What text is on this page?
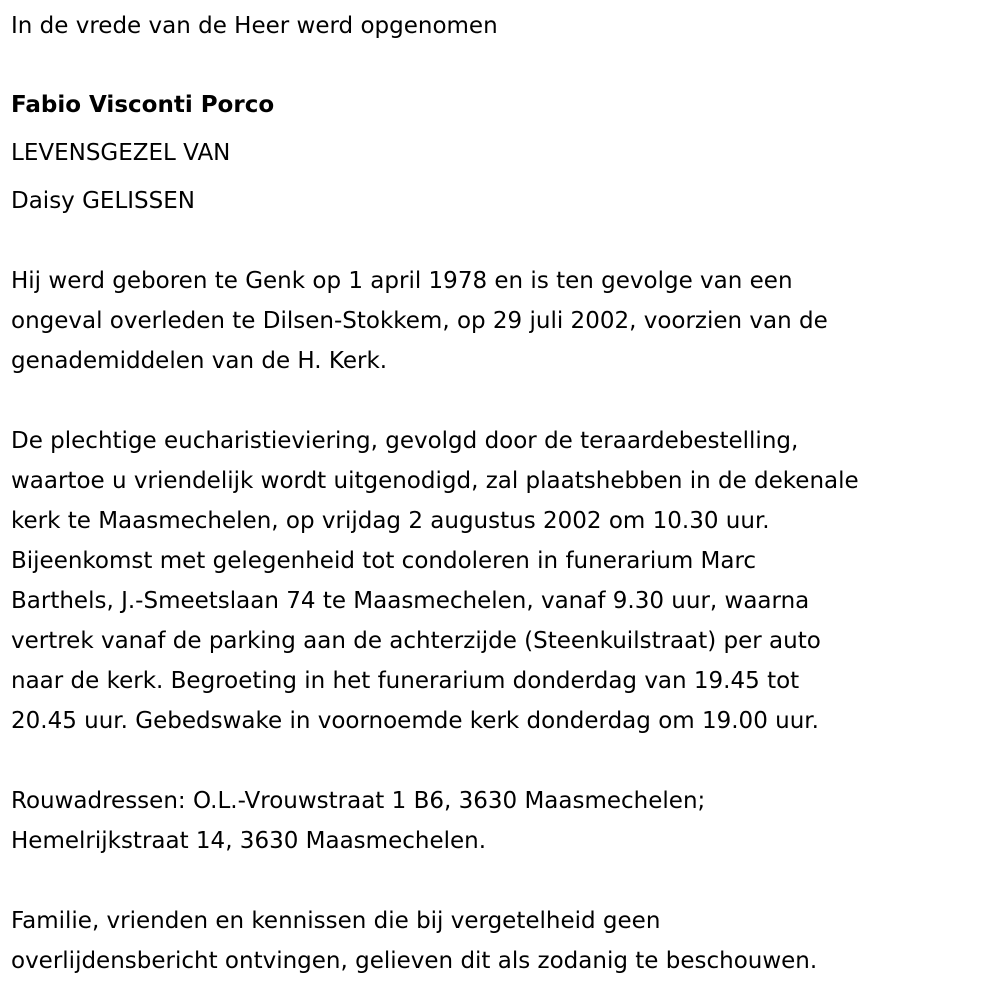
In de vrede van de Heer werd opgenomen
Fabio Visconti Porco
LEVENSGEZEL VAN
Daisy GELISSEN
Hij werd geboren te Genk op 1 april 1978 en is ten gevolge van een
ongeval overleden te Dilsen-Stokkem, op 29 juli 2002, voorzien van de
genademiddelen van de H. Kerk.
De plechtige eucharistieviering, gevolgd door de teraardebestelling,
waartoe u vriendelijk wordt uitgenodigd, zal plaatshebben in de dekenale
kerk te Maasmechelen, op vrijdag 2 augustus 2002 om 10.30 uur.
Bijeenkomst met gelegenheid tot condoleren in funerarium Marc
Barthels, J.-Smeetslaan 74 te Maasmechelen, vanaf 9.30 uur, waarna
vertrek vanaf de parking aan de achterzijde (Steenkuilstraat) per auto
naar de kerk. Begroeting in het funerarium donderdag van 19.45 tot
20.45 uur. Gebedswake in voornoemde kerk donderdag om 19.00 uur.
Rouwadressen: O.L.-Vrouwstraat 1 B6, 3630 Maasmechelen;
Hemelrijkstraat 14, 3630 Maasmechelen.
Familie, vrienden en kennissen die bij vergetelheid geen
overlijdensbericht ontvingen, gelieven dit als zodanig te beschouwen.
